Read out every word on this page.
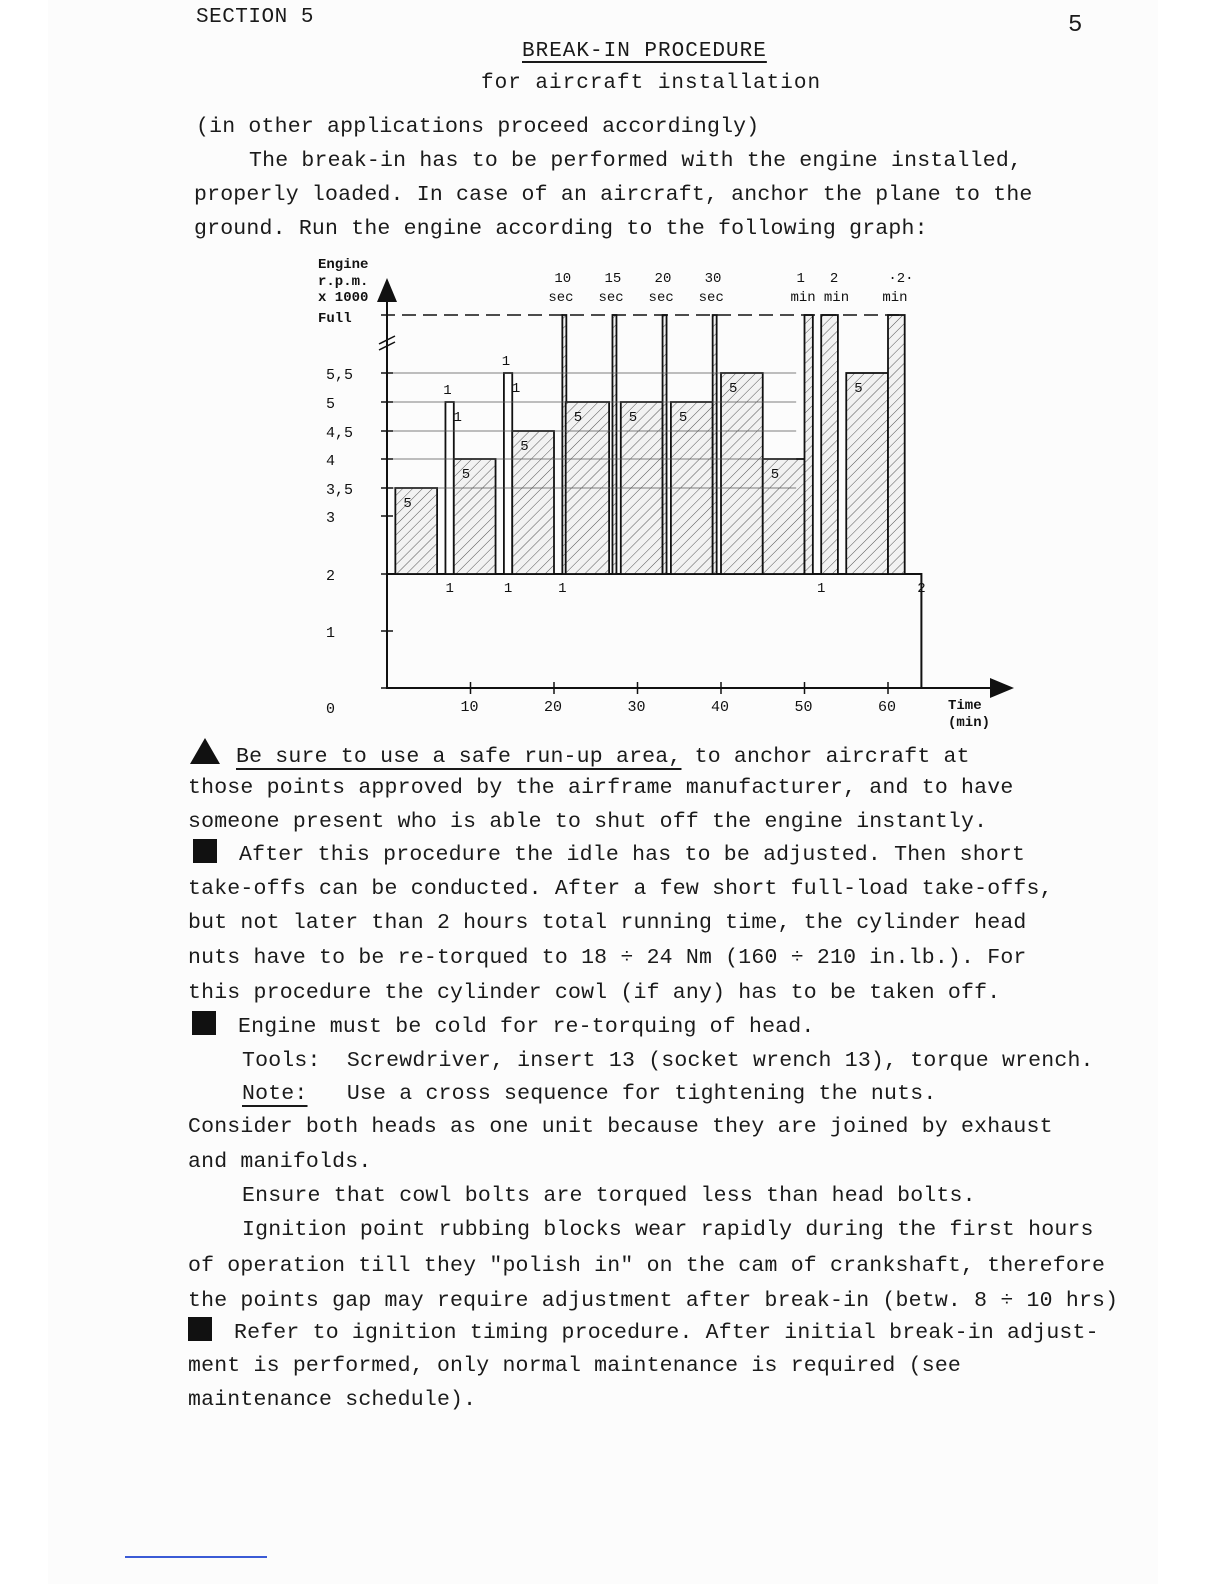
SECTION 5	5
BREAK-IN PROCEDURE
for aircraft installation
(in other applications proceed accordingly)
The break-in has to be performed with the engine installed,
properly loaded. In case of an aircraft, anchor the plane to the
ground. Run the engine according to the following graph:
Engine
r.p.m.
x 1000
Full
Time
(min)
5
1
5
1
5
5	5	5
5
5
5
0
1
2
3
3,5
4
4,5
5
5,5
10	20	30	40	50	60
10
sec
15
sec
20
sec
30
sec
1
min
2
min
·2·
min
1	1	1	1	2
1
1
Be sure to use a safe run-up area, to anchor aircraft at
those points approved by the airframe manufacturer, and to have
someone present who is able to shut off the engine instantly.
After this procedure the idle has to be adjusted. Then short
take-offs can be conducted. After a few short full-load take-offs,
but not later than 2 hours total running time, the cylinder head
nuts have to be re-torqued to 18 ÷ 24 Nm (160 ÷ 210 in.lb.). For
this procedure the cylinder cowl (if any) has to be taken off.
Engine must be cold for re-torquing of head.
Tools: Screwdriver, insert 13 (socket wrench 13), torque wrench.
Note: Use a cross sequence for tightening the nuts.
Consider both heads as one unit because they are joined by exhaust
and manifolds.
Ensure that cowl bolts are torqued less than head bolts.
Ignition point rubbing blocks wear rapidly during the first hours
of operation till they "polish in" on the cam of crankshaft, therefore
the points gap may require adjustment after break-in (betw. 8 ÷ 10 hrs)
Refer to ignition timing procedure. After initial break-in adjust-
ment is performed, only normal maintenance is required (see
maintenance schedule).
